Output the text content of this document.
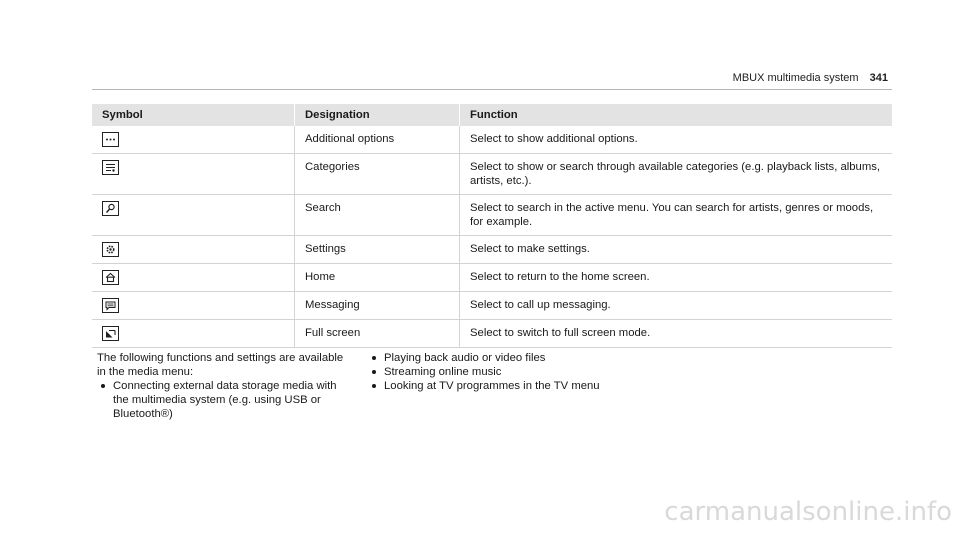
MBUX multimedia system 341
Symbol	Designation	Function

	Additional options	Select to show additional options.

	Categories	Select to show or search through available categories (e.g. playback lists, albums, artists, etc.).

	Search	Select to search in the active menu. You can search for artists, genres or moods, for example.

	Settings	Select to make settings.

	Home	Select to return to the home screen.

	Messaging	Select to call up messaging.

	Full screen	Select to switch to full screen mode.
The following functions and settings are available in the media menu:
Connecting external data storage media with the multimedia system (e.g. using USB or Bluetooth®)
Playing back audio or video files
Streaming online music
Looking at TV programmes in the TV menu
carmanualsonline.info
